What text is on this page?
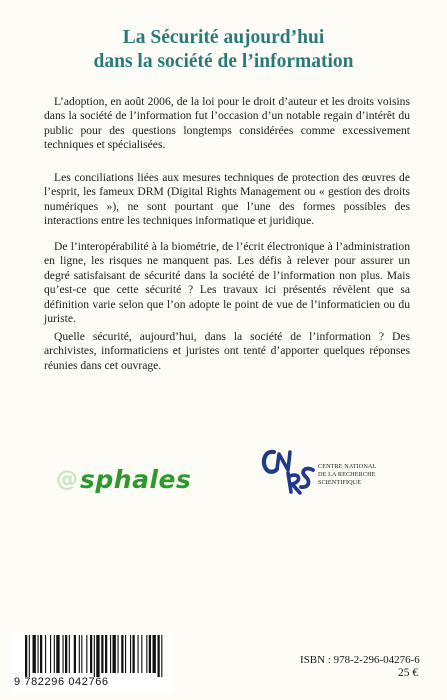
La Sécurité aujourd’hui
dans la société de l’information

L’adoption, en août 2006, de la loi pour le droit d’auteur et les droits voisins dans la société de l’information fut l’occasion d’un notable regain d’intérêt du public pour des questions longtemps considérées comme excessivement techniques et spécialisées.

Les conciliations liées aux mesures techniques de protection des œuvres de l’esprit, les fameux DRM (Digital Rights Management ou « gestion des droits numériques »), ne sont pourtant que l’une des formes possibles des interactions entre les techniques informatique et juridique.

De l’interopérabilité à la biométrie, de l’écrit électronique à l’administration en ligne, les risques ne manquent pas. Les défis à relever pour assurer un degré satisfaisant de sécurité dans la société de l’information non plus. Mais qu’est-ce que cette sécurité ? Les travaux ici présentés révèlent que sa définition varie selon que l’on adopte le point de vue de l’informaticien ou du juriste.

Quelle sécurité, aujourd’hui, dans la société de l’information ? Des archivistes, informaticiens et juristes ont tenté d’apporter quelques réponses réunies dans cet ouvrage.

@ sphales	CENTRE NATIONAL
DE LA RECHERCHE
SCIENTIFIQUE
9 782296 042766
ISBN : 978-2-296-04276-6
25 €
